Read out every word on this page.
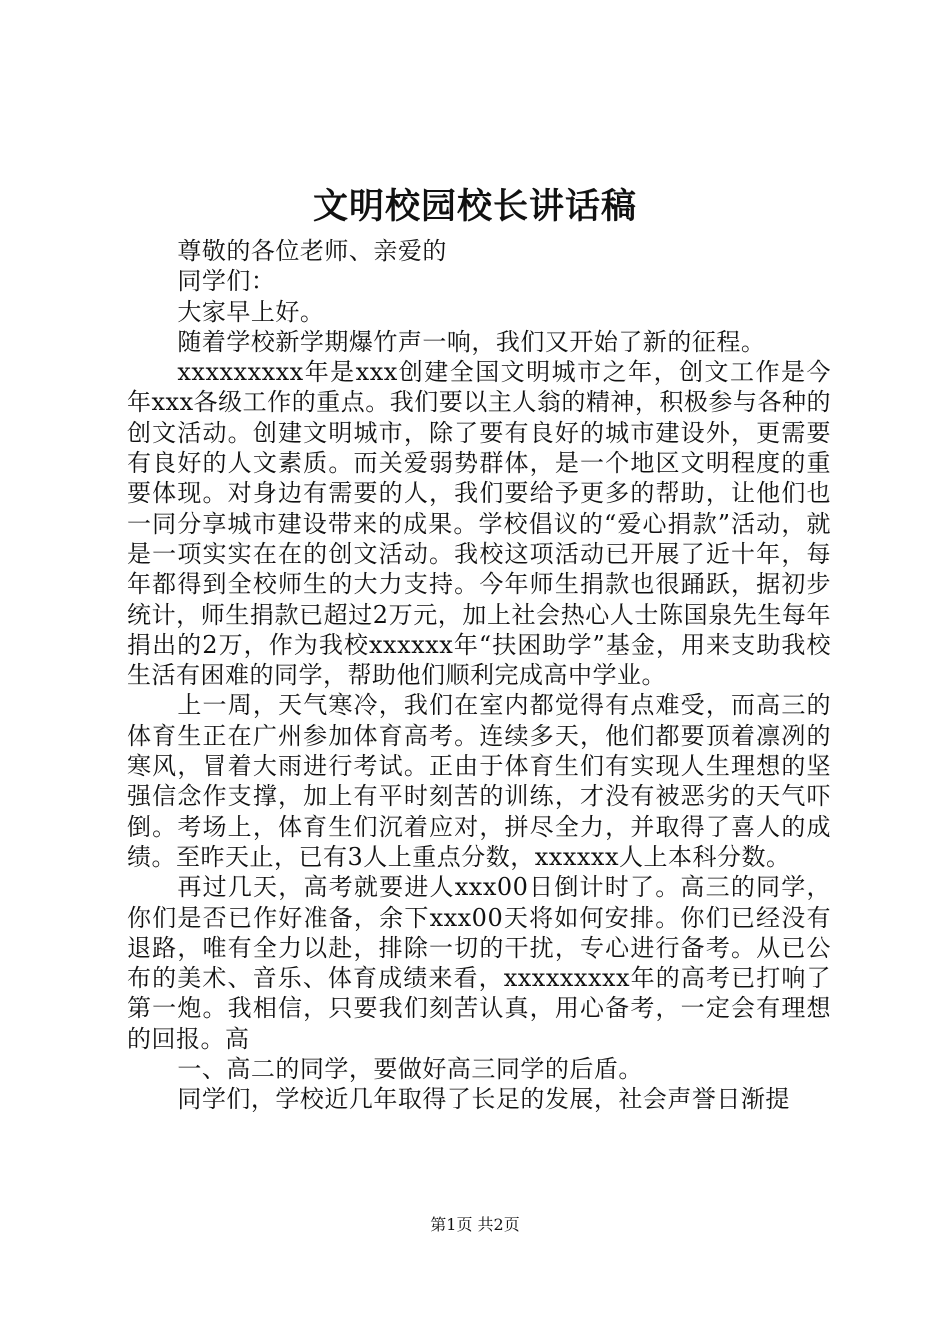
文明校园校长讲话稿

尊敬的各位老师、亲爱的

同学们：

大家早上好。

随着学校新学期爆竹声一响，我们又开始了新的征程。

xxxxxxxxx年是xxx创建全国文明城市之年，创文工作是今年xxx各级工作的重点。我们要以主人翁的精神，积极参与各种的创文活动。创建文明城市，除了要有良好的城市建设外，更需要有良好的人文素质。而关爱弱势群体，是一个地区文明程度的重要体现。对身边有需要的人，我们要给予更多的帮助，让他们也一同分享城市建设带来的成果。学校倡议的“爱心捐款”活动，就是一项实实在在的创文活动。我校这项活动已开展了近十年，每年都得到全校师生的大力支持。今年师生捐款也很踊跃，据初步统计，师生捐款已超过2万元，加上社会热心人士陈国泉先生每年捐出的2万，作为我校xxxxxx年“扶困助学”基金，用来支助我校生活有困难的同学，帮助他们顺利完成高中学业。

上一周，天气寒冷，我们在室内都觉得有点难受，而高三的体育生正在广州参加体育高考。连续多天，他们都要顶着凛冽的寒风，冒着大雨进行考试。正由于体育生们有实现人生理想的坚强信念作支撑，加上有平时刻苦的训练，才没有被恶劣的天气吓倒。考场上，体育生们沉着应对，拼尽全力，并取得了喜人的成绩。至昨天止，已有3人上重点分数，xxxxxx人上本科分数。

再过几天，高考就要进人xxx00日倒计时了。高三的同学，你们是否已作好准备，余下xxx00天将如何安排。你们已经没有退路，唯有全力以赴，排除一切的干扰，专心进行备考。从已公布的美术、音乐、体育成绩来看，xxxxxxxxx年的高考已打响了第一炮。我相信，只要我们刻苦认真，用心备考，一定会有理想的回报。高

一、高二的同学，要做好高三同学的后盾。

同学们，学校近几年取得了长足的发展，社会声誉日渐提

第1页 共2页
